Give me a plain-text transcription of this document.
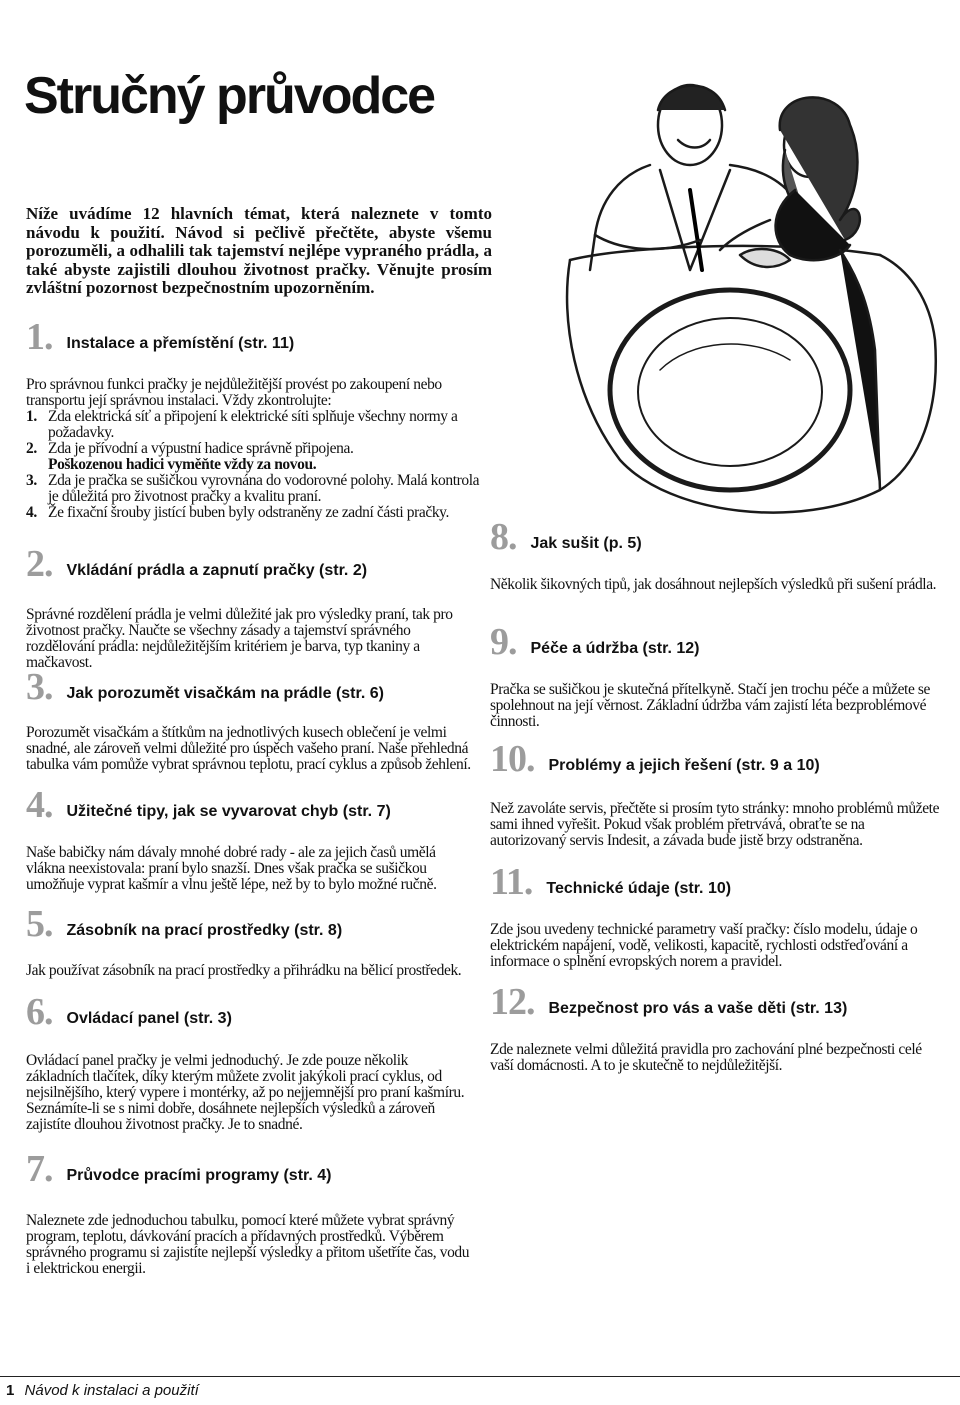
Stručný průvodce
Níže uvádíme 12 hlavních témat, která naleznete v tomto návodu k použití. Návod si pečlivě přečtěte, abyste všemu porozuměli, a odhalili tak tajemství nejlépe vypraného prádla, a také abyste zajistili dlouhou životnost pračky. Věnujte prosím zvláštní pozornost bezpečnostním upozorněním.
1. Instalace a přemístění (str. 11)
Pro správnou funkci pračky je nejdůležitější provést po zakoupení nebo transportu její správnou instalaci. Vždy zkontrolujte:
1. Zda elektrická síť a připojení k elektrické síti splňuje všechny normy a požadavky.
2. Zda je přívodní a výpustní hadice správně připojena.
Poškozenou hadici vyměňte vždy za novou.
3. Zda je pračka se sušičkou vyrovnána do vodorovné polohy. Malá kontrola je důležitá pro životnost pračky a kvalitu praní.
4. Že fixační šrouby jistící buben byly odstraněny ze zadní části pračky.
2. Vkládání prádla a zapnutí pračky (str. 2)
Správné rozdělení prádla je velmi důležité jak pro výsledky praní, tak pro životnost pračky. Naučte se všechny zásady a tajemství správného rozdělování prádla: nejdůležitějším kritériem je barva, typ tkaniny a mačkavost.
3. Jak porozumět visačkám na prádle (str. 6)
Porozumět visačkám a štítkům na jednotlivých kusech oblečení je velmi snadné, ale zároveň velmi důležité pro úspěch vašeho praní. Naše přehledná tabulka vám pomůže vybrat správnou teplotu, prací cyklus a způsob žehlení.
4. Užitečné tipy, jak se vyvarovat chyb (str. 7)
Naše babičky nám dávaly mnohé dobré rady - ale za jejich časů umělá vlákna neexistovala: praní bylo snazší. Dnes však pračka se sušičkou umožňuje vyprat kašmír a vlnu ještě lépe, než by to bylo možné ručně.
5. Zásobník na prací prostředky (str. 8)
Jak používat zásobník na prací prostředky a přihrádku na bělicí prostředek.
6. Ovládací panel (str. 3)
Ovládací panel pračky je velmi jednoduchý. Je zde pouze několik základních tlačítek, díky kterým můžete zvolit jakýkoli prací cyklus, od nejsilnějšího, který vypere i montérky, až po nejjemnější pro praní kašmíru. Seznámíte-li se s nimi dobře, dosáhnete nejlepších výsledků a zároveň zajistíte dlouhou životnost pračky. Je to snadné.
7. Průvodce pracími programy (str. 4)
Naleznete zde jednoduchou tabulku, pomocí které můžete vybrat správný program, teplotu, dávkování pracích a přídavných prostředků. Výběrem správného programu si zajistíte nejlepší výsledky a přitom ušetříte čas, vodu i elektrickou energii.
8. Jak sušit (p. 5)
Několik šikovných tipů, jak dosáhnout nejlepších výsledků při sušení prádla.
9. Péče a údržba (str. 12)
Pračka se sušičkou je skutečná přítelkyně. Stačí jen trochu péče a můžete se spolehnout na její věrnost. Základní údržba vám zajistí léta bezproblémové činnosti.
10. Problémy a jejich řešení (str. 9 a 10)
Než zavoláte servis, přečtěte si prosím tyto stránky: mnoho problémů můžete sami ihned vyřešit. Pokud však problém přetrvává, obraťte se na autorizovaný servis Indesit, a závada bude jistě brzy odstraněna.
11. Technické údaje (str. 10)
Zde jsou uvedeny technické parametry vaší pračky: číslo modelu, údaje o elektrickém napájení, vodě, velikosti, kapacitě, rychlosti odstřeďování a informace o splnění evropských norem a pravidel.
12. Bezpečnost pro vás a vaše děti (str. 13)
Zde naleznete velmi důležitá pravidla pro zachování plné bezpečnosti celé vaší domácnosti. A to je skutečně to nejdůležitější.
1 Návod k instalaci a použití
